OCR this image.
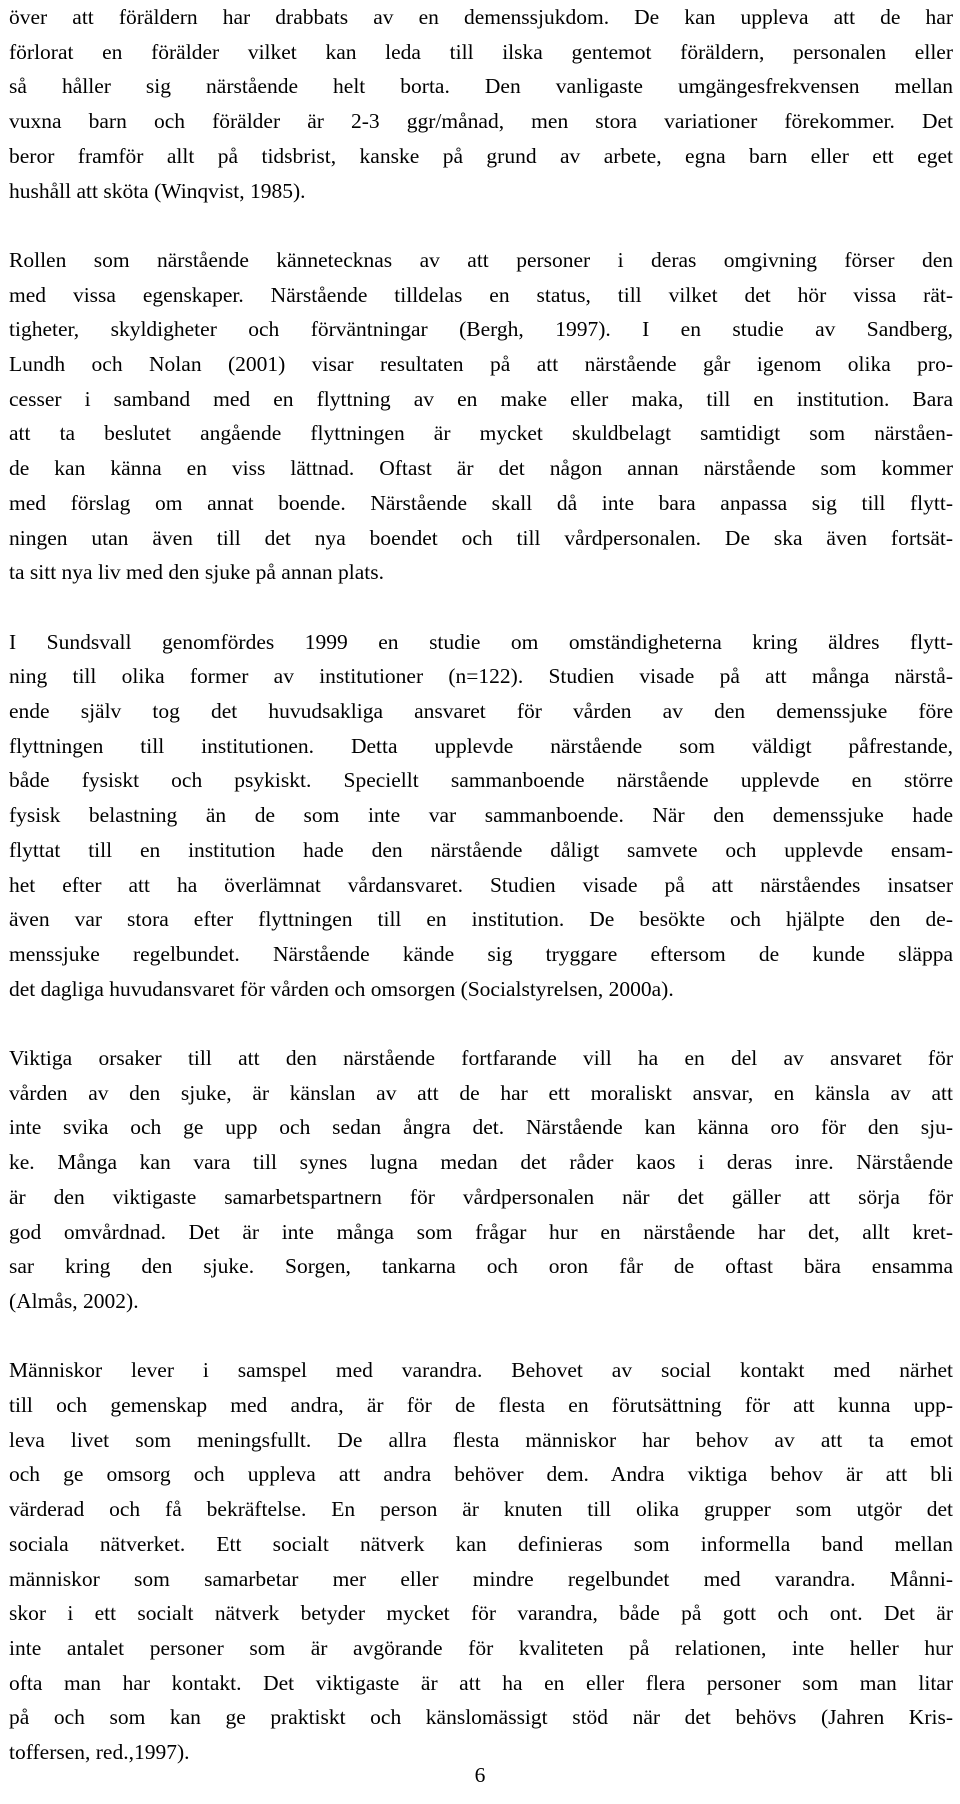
över att föräldern har drabbats av en demenssjukdom. De kan uppleva att de har
förlorat en förälder vilket kan leda till ilska gentemot föräldern, personalen eller
så håller sig närstående helt borta. Den vanligaste umgängesfrekvensen mellan
vuxna barn och förälder är 2-3 ggr/månad, men stora variationer förekommer. Det
beror framför allt på tidsbrist, kanske på grund av arbete, egna barn eller ett eget
hushåll att sköta (Winqvist, 1985).
Rollen som närstående kännetecknas av att personer i deras omgivning förser den
med vissa egenskaper. Närstående tilldelas en status, till vilket det hör vissa rät-
tigheter, skyldigheter och förväntningar (Bergh, 1997). I en studie av Sandberg,
Lundh och Nolan (2001) visar resultaten på att närstående går igenom olika pro-
cesser i samband med en flyttning av en make eller maka, till en institution. Bara
att ta beslutet angående flyttningen är mycket skuldbelagt samtidigt som närståen-
de kan känna en viss lättnad. Oftast är det någon annan närstående som kommer
med förslag om annat boende. Närstående skall då inte bara anpassa sig till flytt-
ningen utan även till det nya boendet och till vårdpersonalen. De ska även fortsät-
ta sitt nya liv med den sjuke på annan plats.
I Sundsvall genomfördes 1999 en studie om omständigheterna kring äldres flytt-
ning till olika former av institutioner (n=122). Studien visade på att många närstå-
ende själv tog det huvudsakliga ansvaret för vården av den demenssjuke före
flyttningen till institutionen. Detta upplevde närstående som väldigt påfrestande,
både fysiskt och psykiskt. Speciellt sammanboende närstående upplevde en större
fysisk belastning än de som inte var sammanboende. När den demenssjuke hade
flyttat till en institution hade den närstående dåligt samvete och upplevde ensam-
het efter att ha överlämnat vårdansvaret. Studien visade på att närståendes insatser
även var stora efter flyttningen till en institution. De besökte och hjälpte den de-
menssjuke regelbundet. Närstående kände sig tryggare eftersom de kunde släppa
det dagliga huvudansvaret för vården och omsorgen (Socialstyrelsen, 2000a).
Viktiga orsaker till att den närstående fortfarande vill ha en del av ansvaret för
vården av den sjuke, är känslan av att de har ett moraliskt ansvar, en känsla av att
inte svika och ge upp och sedan ångra det. Närstående kan känna oro för den sju-
ke. Många kan vara till synes lugna medan det råder kaos i deras inre. Närstående
är den viktigaste samarbetspartnern för vårdpersonalen när det gäller att sörja för
god omvårdnad. Det är inte många som frågar hur en närstående har det, allt kret-
sar kring den sjuke. Sorgen, tankarna och oron får de oftast bära ensamma
(Almås, 2002).
Människor lever i samspel med varandra. Behovet av social kontakt med närhet
till och gemenskap med andra, är för de flesta en förutsättning för att kunna upp-
leva livet som meningsfullt. De allra flesta människor har behov av att ta emot
och ge omsorg och uppleva att andra behöver dem. Andra viktiga behov är att bli
värderad och få bekräftelse. En person är knuten till olika grupper som utgör det
sociala nätverket. Ett socialt nätverk kan definieras som informella band mellan
människor som samarbetar mer eller mindre regelbundet med varandra. Månni-
skor i ett socialt nätverk betyder mycket för varandra, både på gott och ont. Det är
inte antalet personer som är avgörande för kvaliteten på relationen, inte heller hur
ofta man har kontakt. Det viktigaste är att ha en eller flera personer som man litar
på och som kan ge praktiskt och känslomässigt stöd när det behövs (Jahren Kris-
toffersen, red.,1997).
6
